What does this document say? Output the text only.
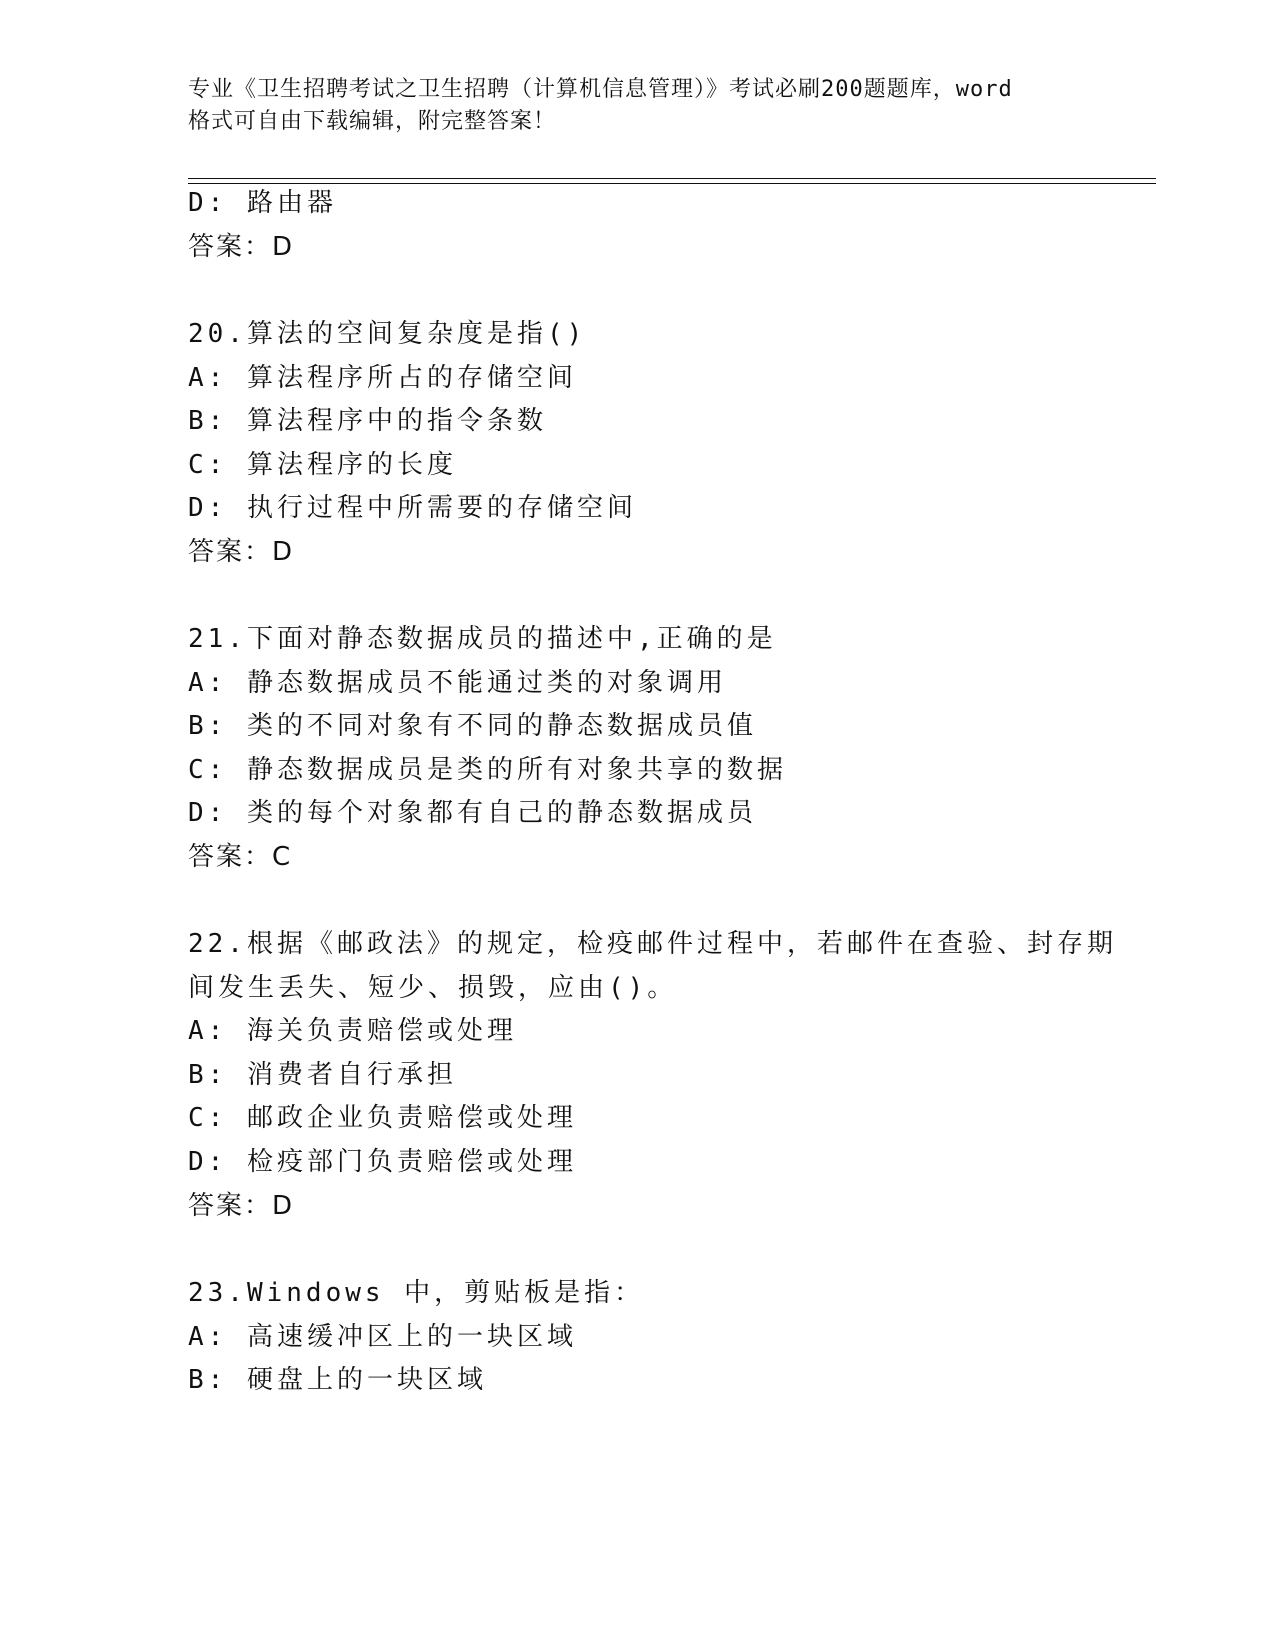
专业《卫生招聘考试之卫生招聘（计算机信息管理）》考试必刷200题题库，word
格式可自由下载编辑，附完整答案！
D: 路由器
答案：D
20.算法的空间复杂度是指()
A: 算法程序所占的存储空间
B: 算法程序中的指令条数
C: 算法程序的长度
D: 执行过程中所需要的存储空间
答案：D
21.下面对静态数据成员的描述中,正确的是
A: 静态数据成员不能通过类的对象调用
B: 类的不同对象有不同的静态数据成员值
C: 静态数据成员是类的所有对象共享的数据
D: 类的每个对象都有自己的静态数据成员
答案：C
22.根据《邮政法》的规定，检疫邮件过程中，若邮件在查验、封存期
间发生丢失、短少、损毁，应由()。
A: 海关负责赔偿或处理
B: 消费者自行承担
C: 邮政企业负责赔偿或处理
D: 检疫部门负责赔偿或处理
答案：D
23.Windows 中，剪贴板是指：
A: 高速缓冲区上的一块区域
B: 硬盘上的一块区域
